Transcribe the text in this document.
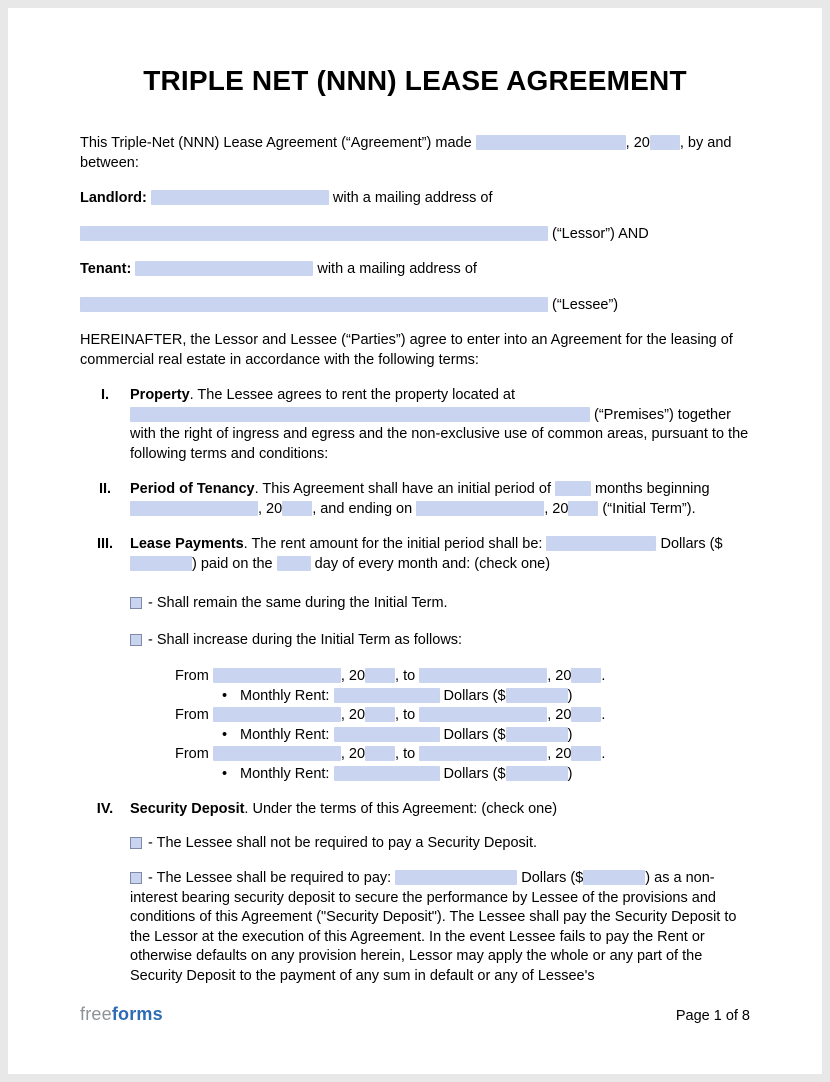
TRIPLE NET (NNN) LEASE AGREEMENT

This Triple-Net (NNN) Lease Agreement (“Agreement”) made	, 20 , by and between:

Landlord:	with a mailing address of

(“Lessor”) AND

Tenant:	with a mailing address of

(“Lessee”)

HEREINAFTER, the Lessor and Lessee (“Parties”) agree to enter into an Agreement for the leasing of commercial real estate in accordance with the following terms:

I.	Property. The Lessee agrees to rent the property located at  (“Premises”) together with the right of ingress and egress and the non-exclusive use of common areas, pursuant to the following terms and conditions:
II.	Period of Tenancy. This Agreement shall have an initial period of  months beginning , 20 , and ending on	, 20 (“Initial Term”).
III.	Lease Payments. The rent amount for the initial period shall be:	Dollars ($) paid on the  day of every month and: (check one)

- Shall remain the same during the Initial Term.

- Shall increase during the Initial Term as follows:

From	, 20 , to	, 20 .
• Monthly Rent:	Dollars ($	)
From	, 20 , to	, 20 .
• Monthly Rent:	Dollars ($	)
From	, 20 , to	, 20 .
• Monthly Rent:	Dollars ($	)
IV.	Security Deposit. Under the terms of this Agreement: (check one)

- The Lessee shall not be required to pay a Security Deposit.

- The Lessee shall be required to pay:	Dollars ($	) as a non-interest bearing security deposit to secure the performance by Lessee of the provisions and conditions of this Agreement ("Security Deposit"). The Lessee shall pay the Security Deposit to the Lessor at the execution of this Agreement. In the event Lessee fails to pay the Rent or otherwise defaults on any provision herein, Lessor may apply the whole or any part of the Security Deposit to the payment of any sum in default or any of Lessee's

freeforms	Page 1 of 8
